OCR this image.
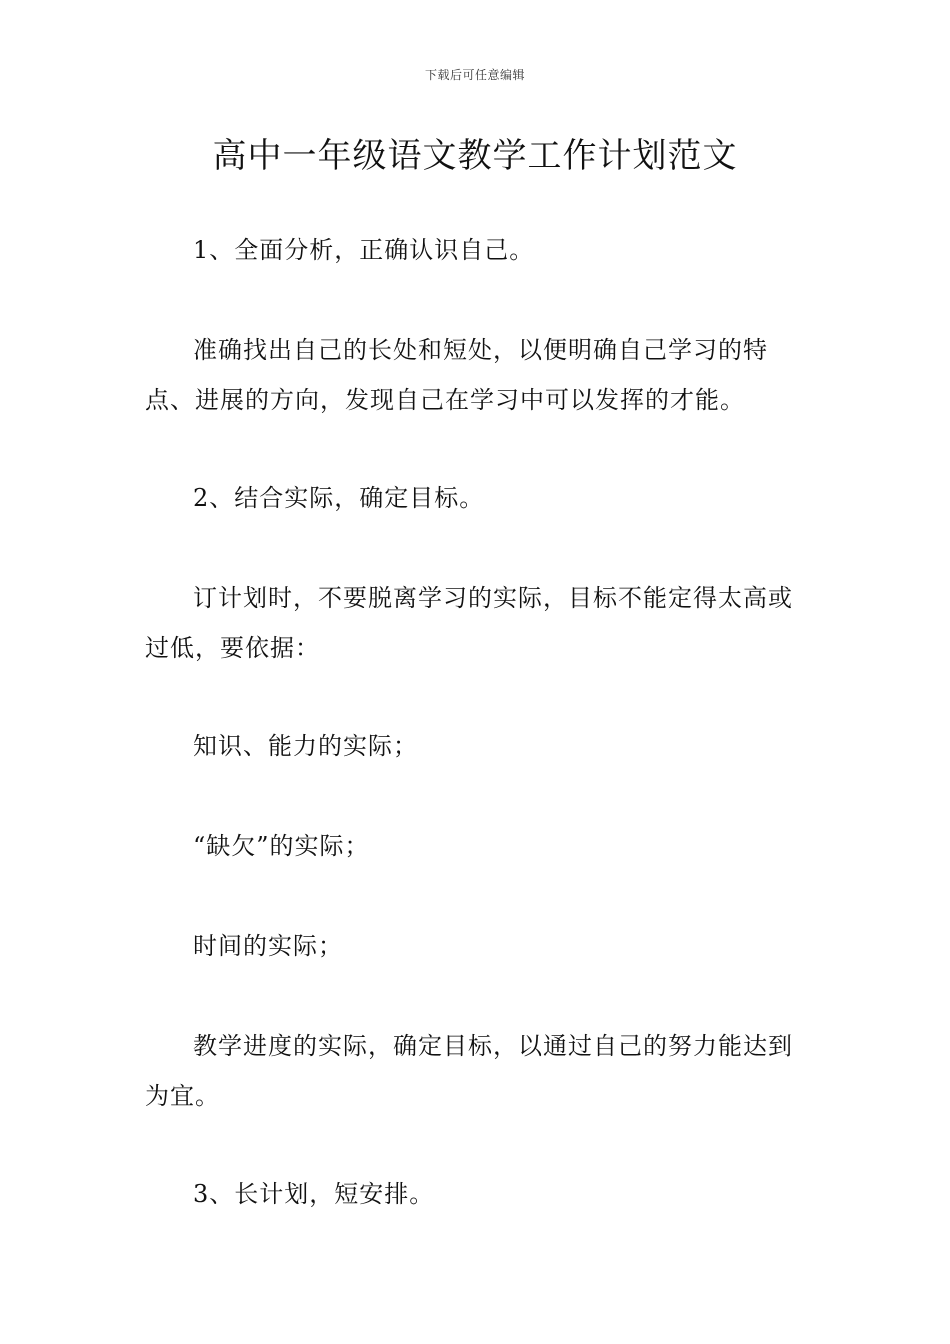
下载后可任意编辑
高中一年级语文教学工作计划范文

1、全面分析，正确认识自己。

准确找出自己的长处和短处，以便明确自己学习的特点、进展的方向，发现自己在学习中可以发挥的才能。

2、结合实际，确定目标。

订计划时，不要脱离学习的实际，目标不能定得太高或过低，要依据：

知识、能力的实际；

“缺欠”的实际；

时间的实际；

教学进度的实际，确定目标，以通过自己的努力能达到为宜。

3、长计划，短安排。
